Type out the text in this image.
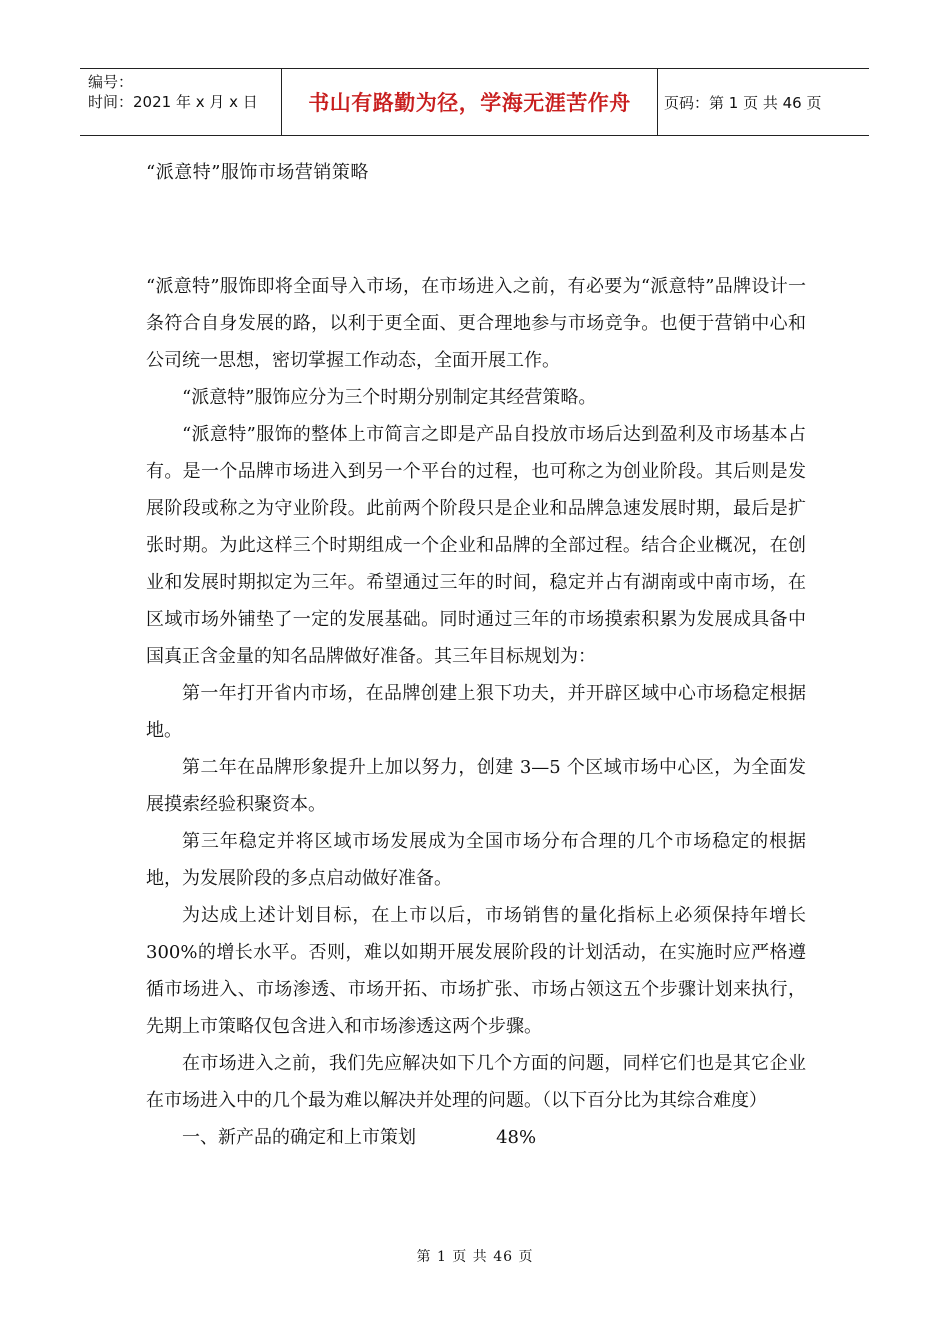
编号：
时间：2021 年 x 月 x 日	书山有路勤为径，学海无涯苦作舟	页码：第 1 页 共 46 页
“派意特”服饰市场营销策略

“派意特”服饰即将全面导入市场，在市场进入之前，有必要为“派意特”品牌设计一条符合自身发展的路，以利于更全面、更合理地参与市场竞争。也便于营销中心和公司统一思想，密切掌握工作动态，全面开展工作。

“派意特”服饰应分为三个时期分别制定其经营策略。

“派意特”服饰的整体上市简言之即是产品自投放市场后达到盈利及市场基本占有。是一个品牌市场进入到另一个平台的过程，也可称之为创业阶段。其后则是发展阶段或称之为守业阶段。此前两个阶段只是企业和品牌急速发展时期，最后是扩张时期。为此这样三个时期组成一个企业和品牌的全部过程。结合企业概况，在创业和发展时期拟定为三年。希望通过三年的时间，稳定并占有湖南或中南市场，在区域市场外铺垫了一定的发展基础。同时通过三年的市场摸索积累为发展成具备中国真正含金量的知名品牌做好准备。其三年目标规划为：

第一年打开省内市场，在品牌创建上狠下功夫，并开辟区域中心市场稳定根据地。

第二年在品牌形象提升上加以努力，创建 3—5 个区域市场中心区，为全面发展摸索经验积聚资本。

第三年稳定并将区域市场发展成为全国市场分布合理的几个市场稳定的根据地，为发展阶段的多点启动做好准备。

为达成上述计划目标，在上市以后，市场销售的量化指标上必须保持年增长 300%的增长水平。否则，难以如期开展发展阶段的计划活动，在实施时应严格遵循市场进入、市场渗透、市场开拓、市场扩张、市场占领这五个步骤计划来执行，先期上市策略仅包含进入和市场渗透这两个步骤。

在市场进入之前，我们先应解决如下几个方面的问题，同样它们也是其它企业在市场进入中的几个最为难以解决并处理的问题。（以下百分比为其综合难度）

一、新产品的确定和上市策划	48%

第 1 页 共 46 页
